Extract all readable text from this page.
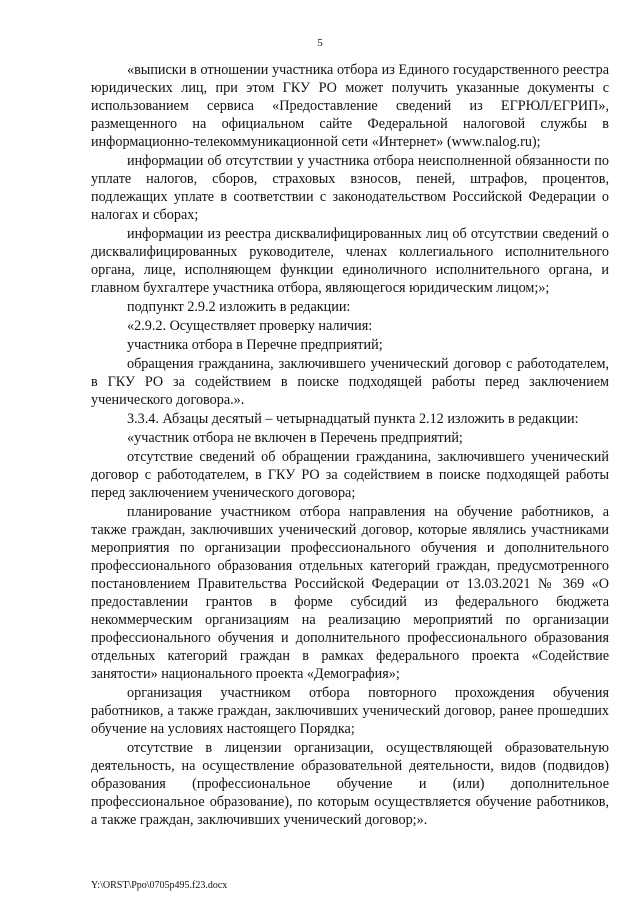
5

«выписки в отношении участника отбора из Единого государственного реестра юридических лиц, при этом ГКУ РО может получить указанные документы с использованием сервиса «Предоставление сведений из ЕГРЮЛ/ЕГРИП», размещенного на официальном сайте Федеральной налоговой службы в информационно-телекоммуникационной сети «Интернет» (www.nalog.ru);

информации об отсутствии у участника отбора неисполненной обязанности по уплате налогов, сборов, страховых взносов, пеней, штрафов, процентов, подлежащих уплате в соответствии с законодательством Российской Федерации о налогах и сборах;

информации из реестра дисквалифицированных лиц об отсутствии сведений о дисквалифицированных руководителе, членах коллегиального исполнительного органа, лице, исполняющем функции единоличного исполнительного органа, и главном бухгалтере участника отбора, являющегося юридическим лицом;»;

подпункт 2.9.2 изложить в редакции:

«2.9.2. Осуществляет проверку наличия:

участника отбора в Перечне предприятий;

обращения гражданина, заключившего ученический договор с работодателем, в ГКУ РО за содействием в поиске подходящей работы перед заключением ученического договора.».

3.3.4. Абзацы десятый – четырнадцатый пункта 2.12 изложить в редакции:

«участник отбора не включен в Перечень предприятий;

отсутствие сведений об обращении гражданина, заключившего ученический договор с работодателем, в ГКУ РО за содействием в поиске подходящей работы перед заключением ученического договора;

планирование участником отбора направления на обучение работников, а также граждан, заключивших ученический договор, которые являлись участниками мероприятия по организации профессионального обучения и дополнительного профессионального образования отдельных категорий граждан, предусмотренного постановлением Правительства Российской Федерации от 13.03.2021 № 369 «О предоставлении грантов в форме субсидий из федерального бюджета некоммерческим организациям на реализацию мероприятий по организации профессионального обучения и дополнительного профессионального образования отдельных категорий граждан в рамках федерального проекта «Содействие занятости» национального проекта «Демография»;

организация участником отбора повторного прохождения обучения работников, а также граждан, заключивших ученический договор, ранее прошедших обучение на условиях настоящего Порядка;

отсутствие в лицензии организации, осуществляющей образовательную деятельность, на осуществление образовательной деятельности, видов (подвидов) образования (профессиональное обучение и (или) дополнительное профессиональное образование), по которым осуществляется обучение работников, а также граждан, заключивших ученический договор;».

Y:\ORST\Ppo\0705p495.f23.docx
